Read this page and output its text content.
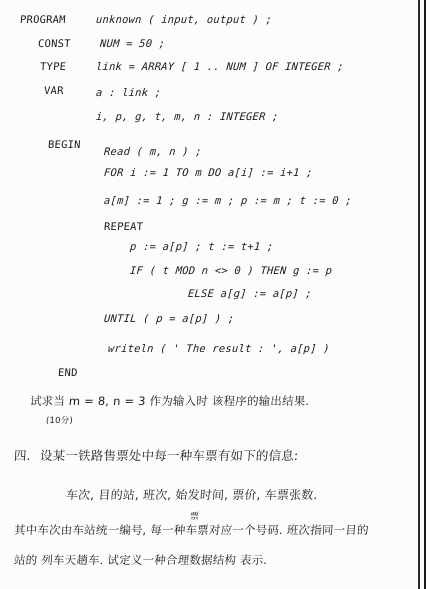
PROGRAM	unknown ( input, output ) ;
CONST	NUM = 50 ;
TYPE	link = ARRAY [ 1 .. NUM ] OF INTEGER ;
VAR	a : link ;
i, p, g, t, m, n : INTEGER ;
BEGIN
Read ( m, n ) ;
FOR i := 1 TO m DO a[i] := i+1 ;
a[m] := 1 ; g := m ; p := m ; t := 0 ;
REPEAT
p := a[p] ; t := t+1 ;
IF ( t MOD n <> 0 ) THEN g := p
ELSE a[g] := a[p] ;
UNTIL ( p = a[p] ) ;
writeln ( ' The result : ', a[p] )
END
试求当 m = 8, n = 3 作为输入时 该程序的输出结果.
(10分)
四. 设某一铁路售票处中每一种车票有如下的信息:
车次, 目的站, 班次, 始发时间, 票价, 车票张数.
票
其中车次由车站统一编号, 每一种车票对应一个号码. 班次指同一目的
站的 列车天趟车. 试定义一种合理数据结构 表示.
